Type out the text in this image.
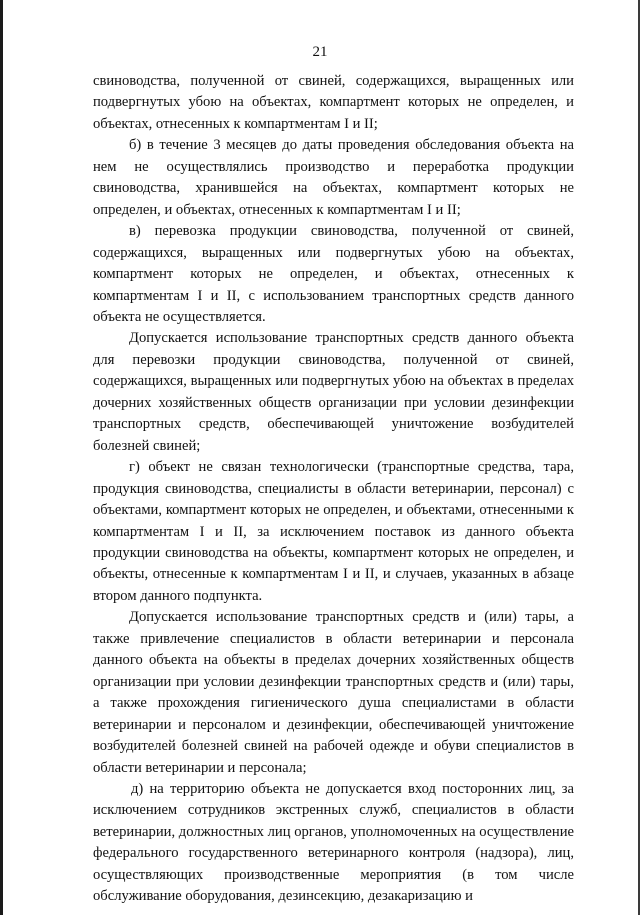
21

свиноводства, полученной от свиней, содержащихся, выращенных или подвергнутых убою на объектах, компартмент которых не определен, и объектах, отнесенных к компартментам I и II;

б) в течение 3 месяцев до даты проведения обследования объекта на нем не осуществлялись производство и переработка продукции свиноводства, хранившейся на объектах, компартмент которых не определен, и объектах, отнесенных к компартментам I и II;

в) перевозка продукции свиноводства, полученной от свиней, содержащихся, выращенных или подвергнутых убою на объектах, компартмент которых не определен, и объектах, отнесенных к компартментам I и II, с использованием транспортных средств данного объекта не осуществляется.

Допускается использование транспортных средств данного объекта для перевозки продукции свиноводства, полученной от свиней, содержащихся, выращенных или подвергнутых убою на объектах в пределах дочерних хозяйственных обществ организации при условии дезинфекции транспортных средств, обеспечивающей уничтожение возбудителей болезней свиней;

г) объект не связан технологически (транспортные средства, тара, продукция свиноводства, специалисты в области ветеринарии, персонал) с объектами, компартмент которых не определен, и объектами, отнесенными к компартментам I и II, за исключением поставок из данного объекта продукции свиноводства на объекты, компартмент которых не определен, и объекты, отнесенные к компартментам I и II, и случаев, указанных в абзаце втором данного подпункта.

Допускается использование транспортных средств и (или) тары, а также привлечение специалистов в области ветеринарии и персонала данного объекта на объекты в пределах дочерних хозяйственных обществ организации при условии дезинфекции транспортных средств и (или) тары, а также прохождения гигиенического душа специалистами в области ветеринарии и персоналом и дезинфекции, обеспечивающей уничтожение возбудителей болезней свиней на рабочей одежде и обуви специалистов в области ветеринарии и персонала;

д) на территорию объекта не допускается вход посторонних лиц, за исключением сотрудников экстренных служб, специалистов в области ветеринарии, должностных лиц органов, уполномоченных на осуществление федерального государственного ветеринарного контроля (надзора), лиц, осуществляющих производственные мероприятия (в том числе обслуживание оборудования, дезинсекцию, дезакаризацию и
